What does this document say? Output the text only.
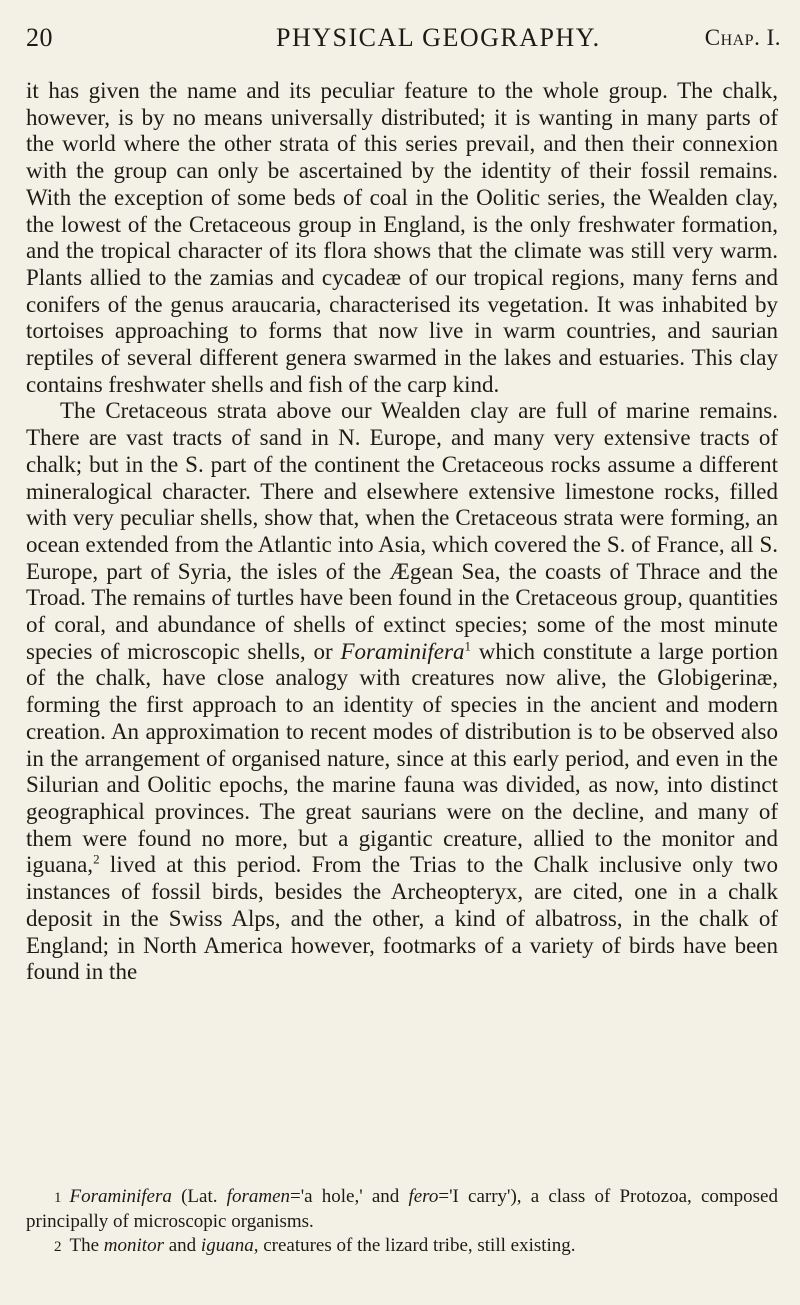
20	PHYSICAL GEOGRAPHY.	Chap. I.

it has given the name and its peculiar feature to the whole group. The chalk, however, is by no means universally distributed; it is wanting in many parts of the world where the other strata of this series prevail, and then their connexion with the group can only be ascertained by the identity of their fossil remains. With the exception of some beds of coal in the Oolitic series, the Wealden clay, the lowest of the Cretaceous group in England, is the only freshwater formation, and the tropical character of its flora shows that the climate was still very warm. Plants allied to the zamias and cycadeæ of our tropical regions, many ferns and conifers of the genus araucaria, characterised its vegetation. It was inhabited by tortoises approaching to forms that now live in warm countries, and saurian reptiles of several different genera swarmed in the lakes and estuaries. This clay contains freshwater shells and fish of the carp kind.

The Cretaceous strata above our Wealden clay are full of marine remains. There are vast tracts of sand in N. Europe, and many very extensive tracts of chalk; but in the S. part of the continent the Cretaceous rocks assume a different mineralogical character. There and elsewhere extensive limestone rocks, filled with very peculiar shells, show that, when the Cretaceous strata were forming, an ocean extended from the Atlantic into Asia, which covered the S. of France, all S. Europe, part of Syria, the isles of the Ægean Sea, the coasts of Thrace and the Troad. The remains of turtles have been found in the Cretaceous group, quantities of coral, and abundance of shells of extinct species; some of the most minute species of microscopic shells, or Foraminifera$^1$ which constitute a large portion of the chalk, have close analogy with creatures now alive, the Globigerinæ, forming the first approach to an identity of species in the ancient and modern creation. An approximation to recent modes of distribution is to be observed also in the arrangement of organised nature, since at this early period, and even in the Silurian and Oolitic epochs, the marine fauna was divided, as now, into distinct geographical provinces. The great saurians were on the decline, and many of them were found no more, but a gigantic creature, allied to the monitor and iguana,$^2$ lived at this period. From the Trias to the Chalk inclusive only two instances of fossil birds, besides the Archeopteryx, are cited, one in a chalk deposit in the Swiss Alps, and the other, a kind of albatross, in the chalk of England; in North America however, footmarks of a variety of birds have been found in the

1 Foraminifera (Lat. foramen='a hole,' and fero='I carry'), a class of Protozoa, composed principally of microscopic organisms.

2 The monitor and iguana, creatures of the lizard tribe, still existing.
